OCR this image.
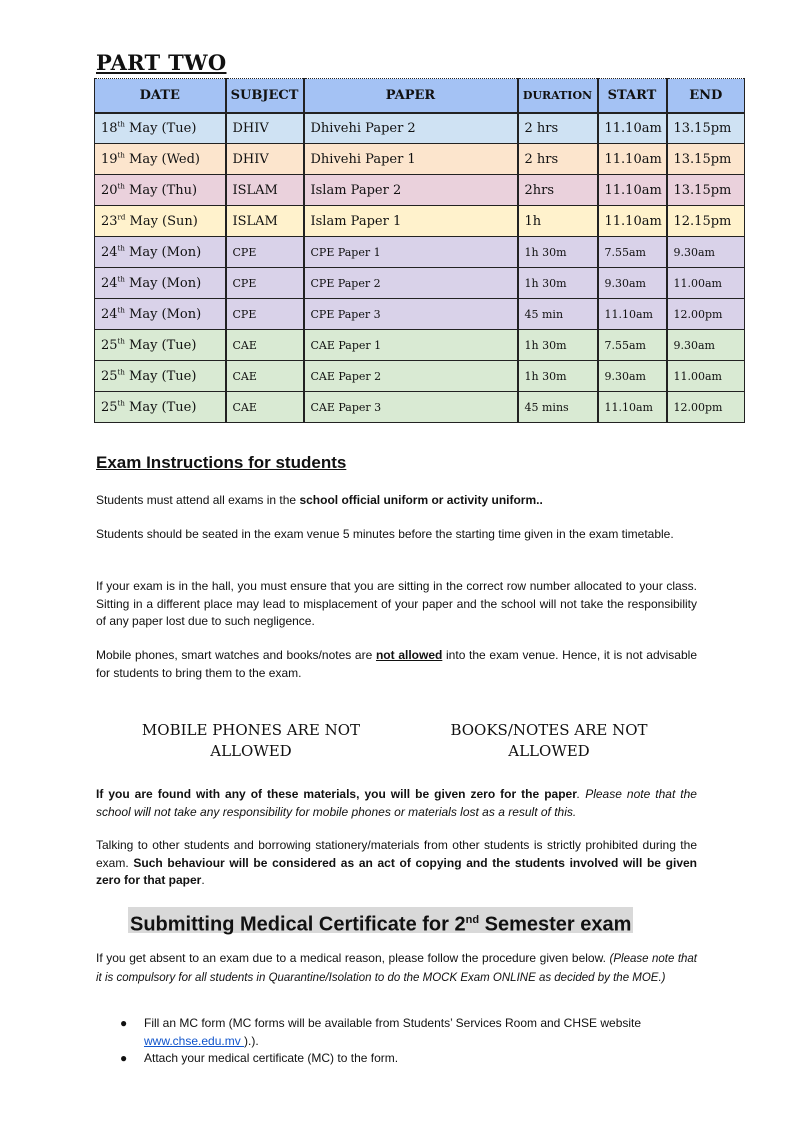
PART TWO
DATE	SUBJECT	PAPER	DURATION	START	END
18th May (Tue)	DHIV	Dhivehi Paper 2	2 hrs	11.10am	13.15pm
19th May (Wed)	DHIV	Dhivehi Paper 1	2 hrs	11.10am	13.15pm
20th May (Thu)	ISLAM	Islam Paper 2	2hrs	11.10am	13.15pm
23rd May (Sun)	ISLAM	Islam Paper 1	1h	11.10am	12.15pm
24th May (Mon)	CPE	CPE Paper 1	1h 30m	7.55am	9.30am
24th May (Mon)	CPE	CPE Paper 2	1h 30m	9.30am	11.00am
24th May (Mon)	CPE	CPE Paper 3	45 min	11.10am	12.00pm
25th May (Tue)	CAE	CAE Paper 1	1h 30m	7.55am	9.30am
25th May (Tue)	CAE	CAE Paper 2	1h 30m	9.30am	11.00am
25th May (Tue)	CAE	CAE Paper 3	45 mins	11.10am	12.00pm
Exam Instructions for students
Students must attend all exams in the school official uniform or activity uniform..
Students should be seated in the exam venue 5 minutes before the starting time given in the exam timetable.
If your exam is in the hall, you must ensure that you are sitting in the correct row number allocated to your class. Sitting in a different place may lead to misplacement of your paper and the school will not take the responsibility of any paper lost due to such negligence.
Mobile phones, smart watches and books/notes are not allowed into the exam venue. Hence, it is not advisable for students to bring them to the exam.
MOBILE PHONES ARE NOT ALLOWED
BOOKS/NOTES ARE NOT ALLOWED
If you are found with any of these materials, you will be given zero for the paper. Please note that the school will not take any responsibility for mobile phones or materials lost as a result of this.
Talking to other students and borrowing stationery/materials from other students is strictly prohibited during the exam. Such behaviour will be considered as an act of copying and the students involved will be given zero for that paper.
Submitting Medical Certificate for 2nd Semester exam
If you get absent to an exam due to a medical reason, please follow the procedure given below. (Please note that it is compulsory for all students in Quarantine/Isolation to do the MOCK Exam ONLINE as decided by the MOE.)
● Fill an MC form (MC forms will be available from Students’ Services Room and CHSE website www.chse.edu.mv ).).
● Attach your medical certificate (MC) to the form.
